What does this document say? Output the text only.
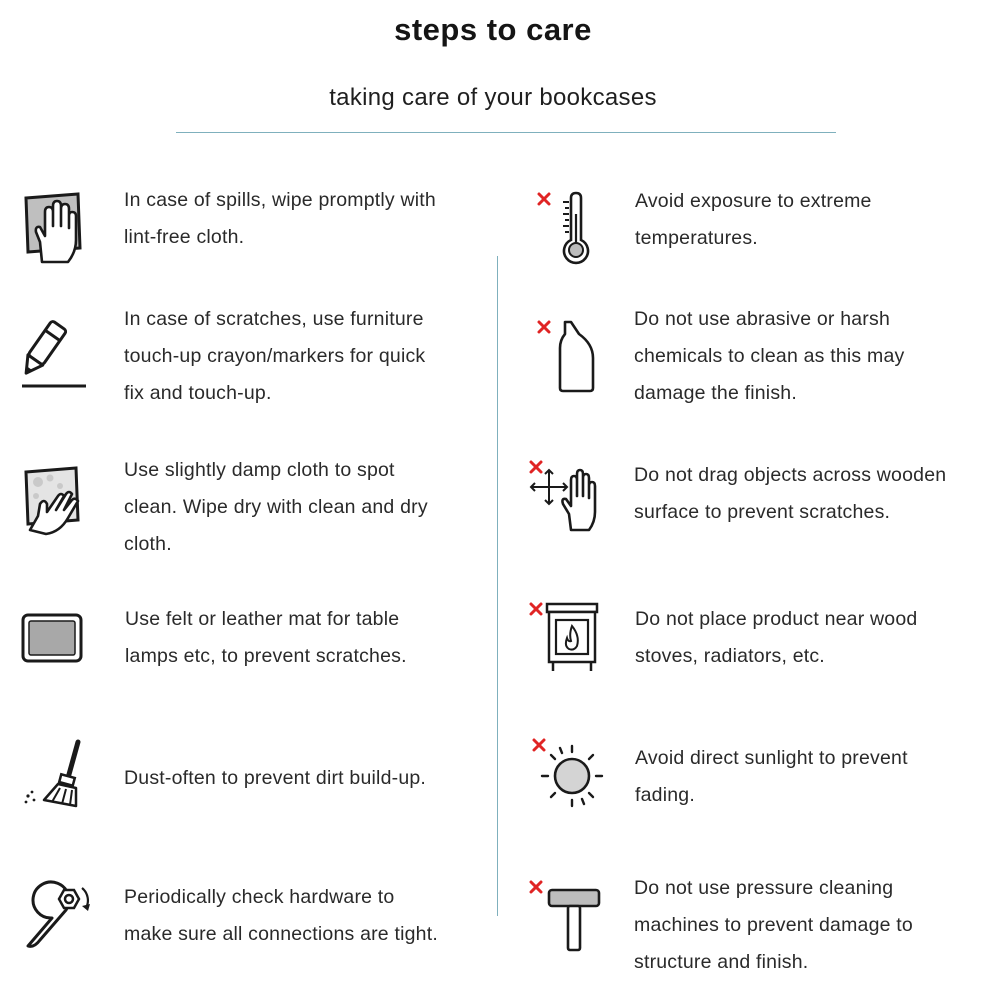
steps to care
taking care of your bookcases
In case of spills, wipe promptly with
lint-free cloth.
In case of scratches, use furniture
touch-up crayon/markers for quick
fix and touch-up.
Use slightly damp cloth to spot
clean. Wipe dry with clean and dry
cloth.
Use felt or leather mat for table
lamps etc, to prevent scratches.
Dust-often to prevent dirt build-up.
Periodically check hardware to
make sure all connections are tight.
Avoid exposure to extreme
temperatures.
Do not use abrasive or harsh
chemicals to clean as this may
damage the finish.
Do not drag objects across wooden
surface to prevent scratches.
Do not place product near wood
stoves, radiators, etc.
Avoid direct sunlight to prevent
fading.
Do not use pressure cleaning
machines to prevent damage to
structure and finish.
